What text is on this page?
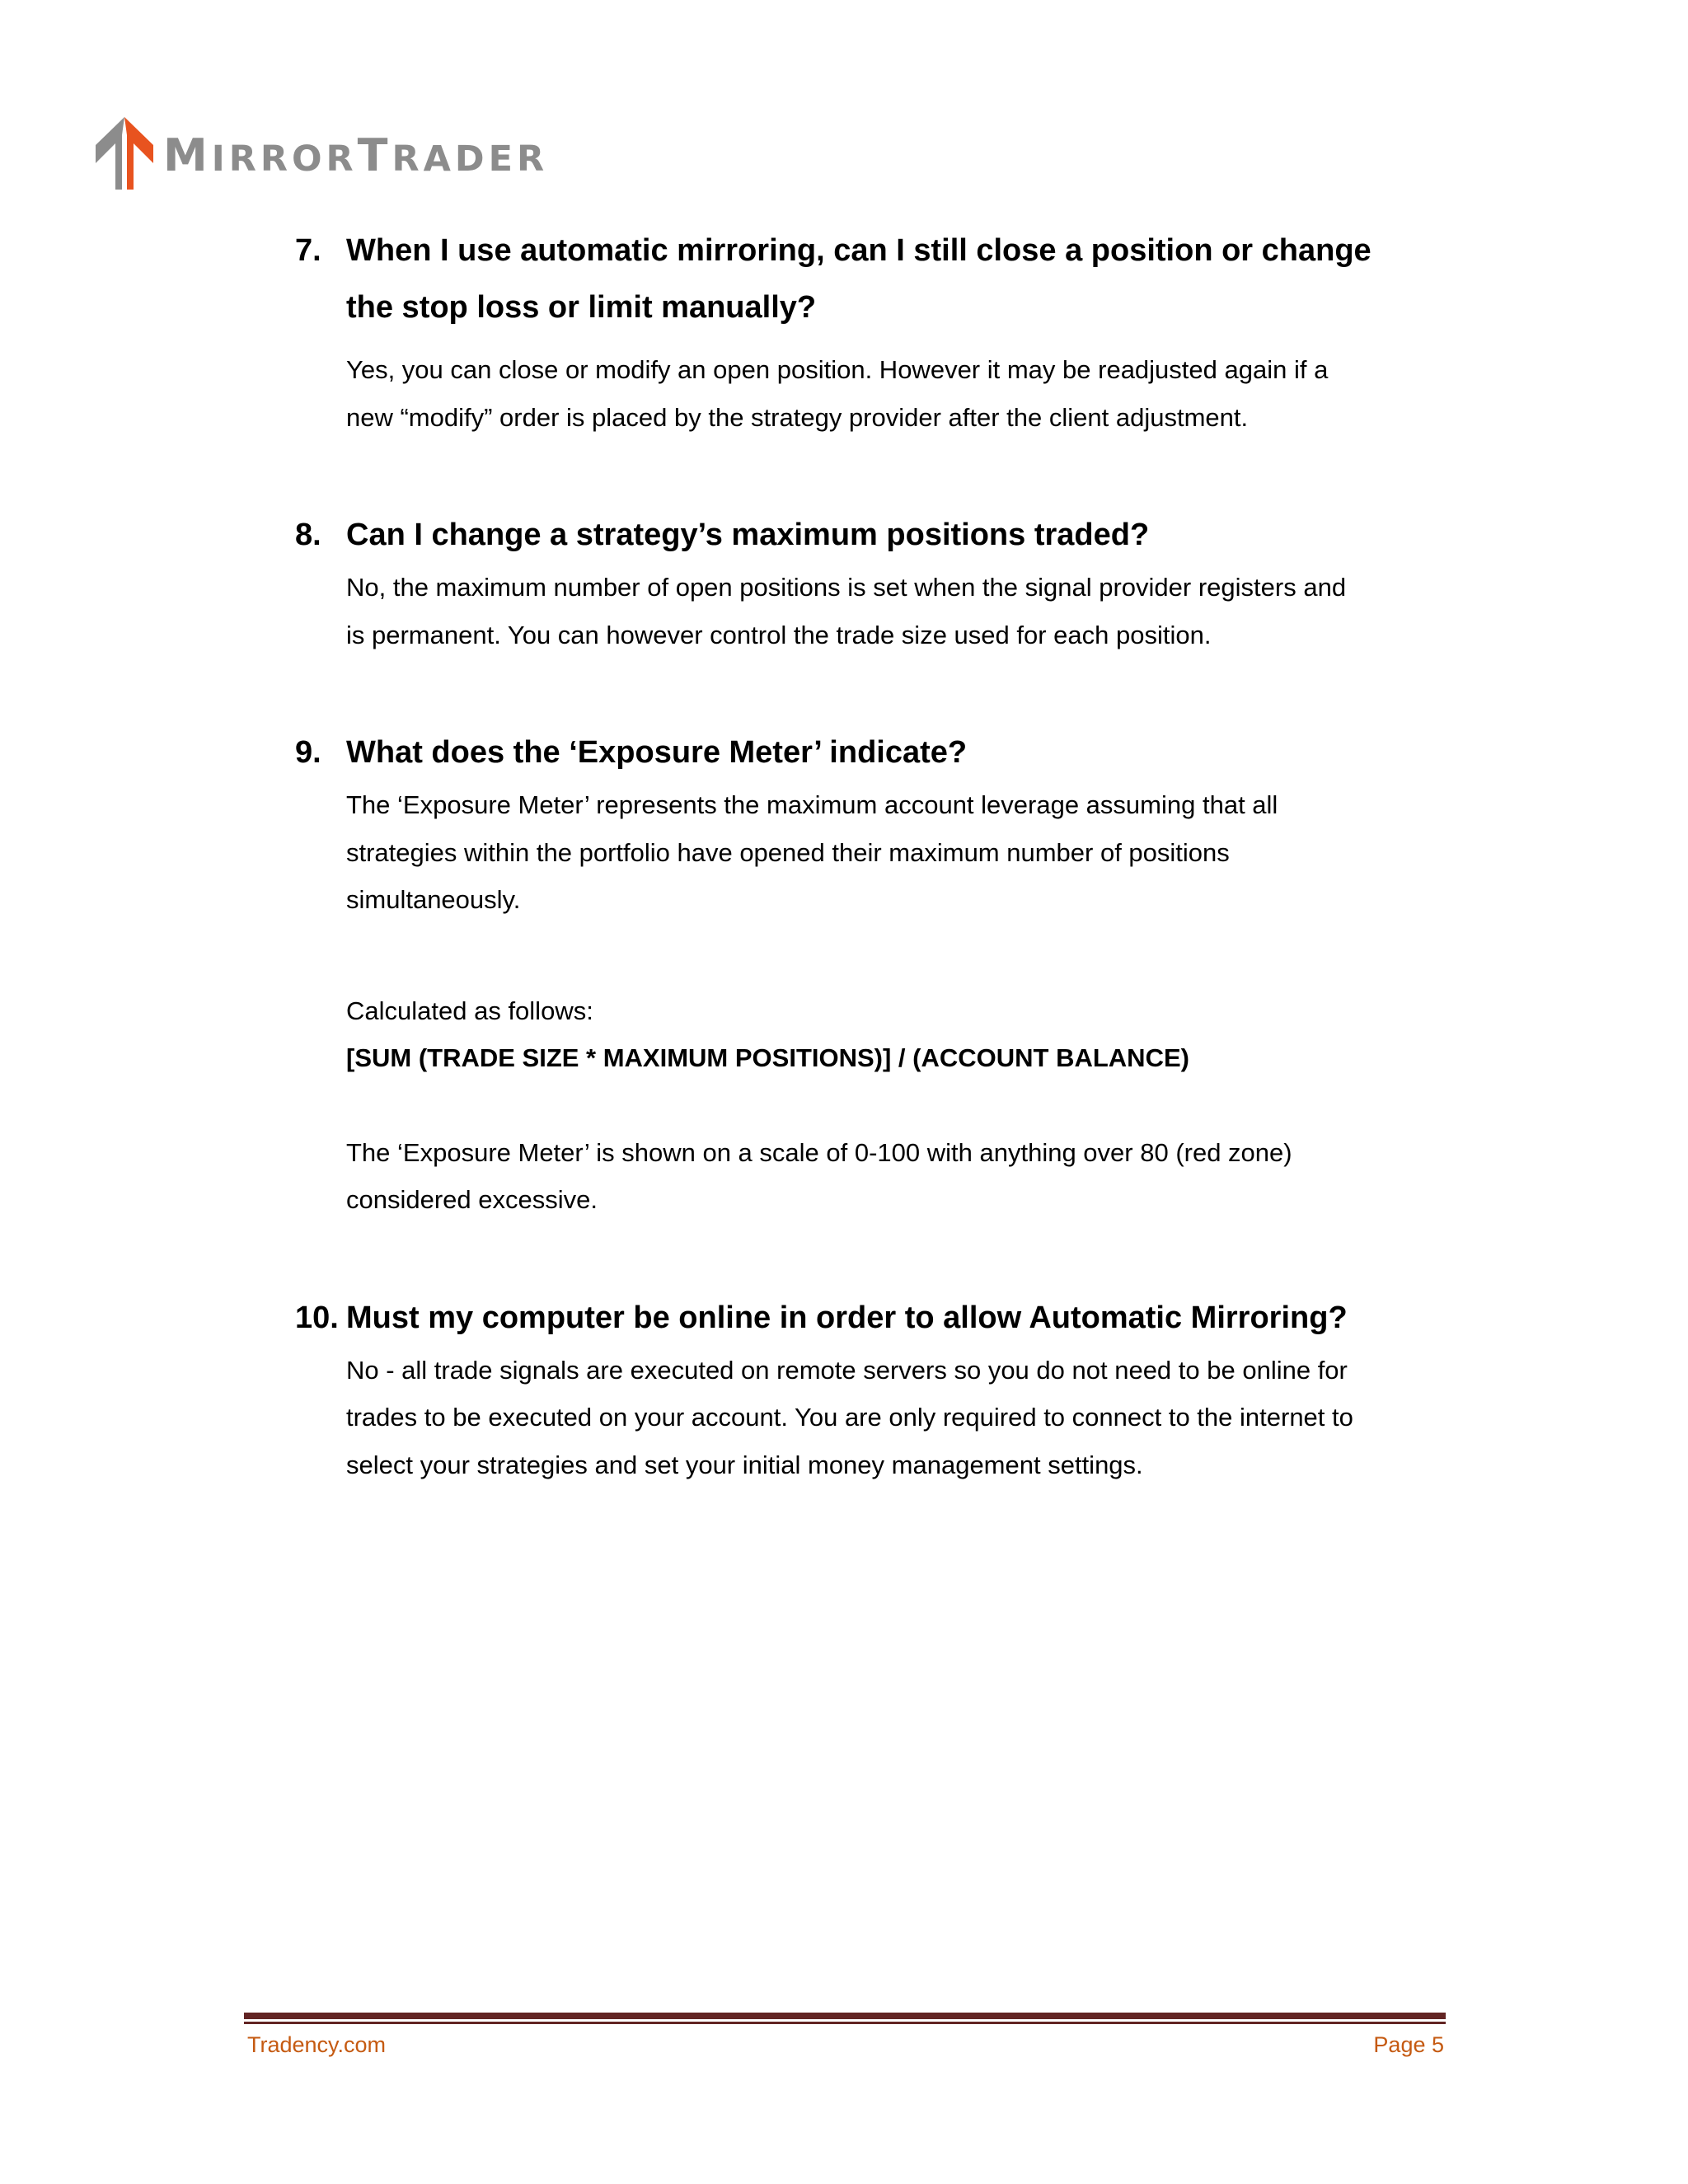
MIRRORTRADER
7. When I use automatic mirroring, can I still close a position or change
the stop loss or limit manually?
Yes, you can close or modify an open position. However it may be readjusted again if a
new “modify” order is placed by the strategy provider after the client adjustment.
8. Can I change a strategy’s maximum positions traded?
No, the maximum number of open positions is set when the signal provider registers and
is permanent. You can however control the trade size used for each position.
9. What does the ‘Exposure Meter’ indicate?
The ‘Exposure Meter’ represents the maximum account leverage assuming that all
strategies within the portfolio have opened their maximum number of positions
simultaneously.
Calculated as follows:
[SUM (TRADE SIZE * MAXIMUM POSITIONS)] / (ACCOUNT BALANCE)
The ‘Exposure Meter’ is shown on a scale of 0-100 with anything over 80 (red zone)
considered excessive.
10. Must my computer be online in order to allow Automatic Mirroring?
No - all trade signals are executed on remote servers so you do not need to be online for
trades to be executed on your account. You are only required to connect to the internet to
select your strategies and set your initial money management settings.
Tradency.com	Page 5
